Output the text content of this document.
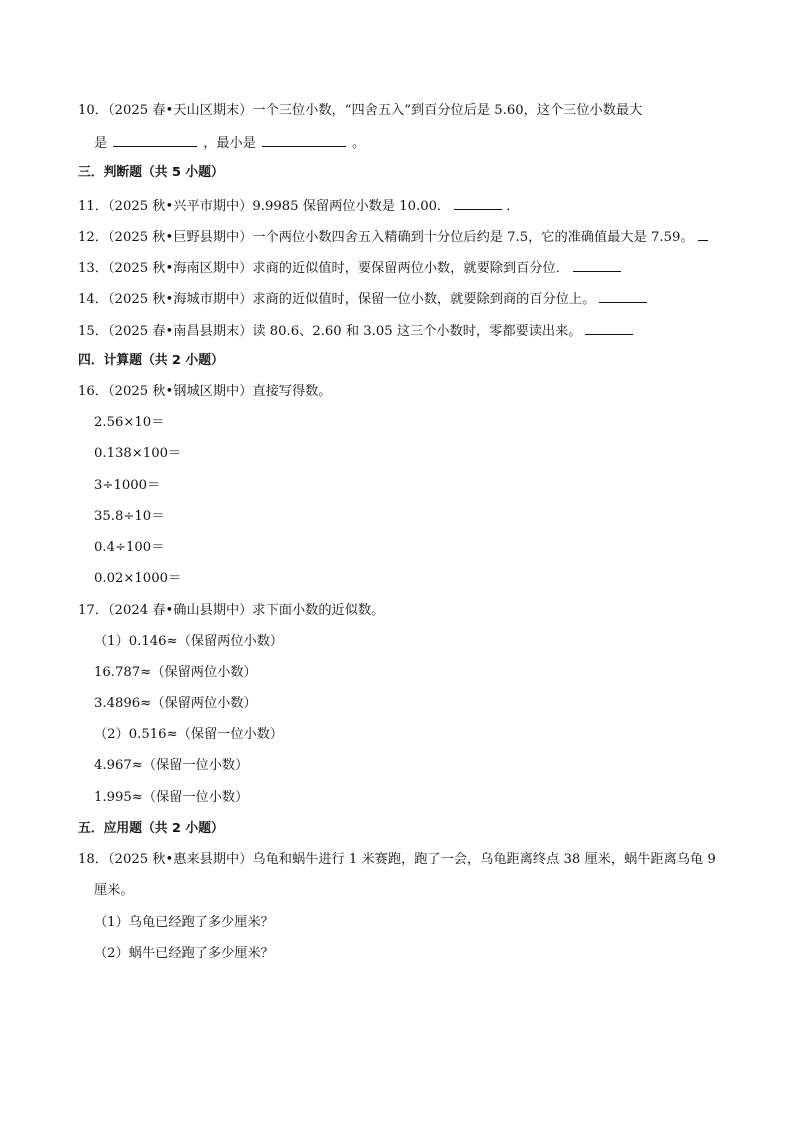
10．（2025 春•天山区期末）一个三位小数，“四舍五入”到百分位后是 5.60，这个三位小数最大
是	，最小是	。
三．判断题（共 5 小题）
11．（2025 秋•兴平市期中）9.9985 保留两位小数是 10.00．	．
12．（2025 秋•巨野县期中）一个两位小数四舍五入精确到十分位后约是 7.5，它的准确值最大是 7.59。
13．（2025 秋•海南区期中）求商的近似值时，要保留两位小数，就要除到百分位．
14．（2025 秋•海城市期中）求商的近似值时，保留一位小数，就要除到商的百分位上。
15．（2025 春•南昌县期末）读 80.6、2.60 和 3.05 这三个小数时，零都要读出来。
四．计算题（共 2 小题）
16．（2025 秋•钢城区期中）直接写得数。
2.56×10＝
0.138×100＝
3÷1000＝
35.8÷10＝
0.4÷100＝
0.02×1000＝
17．（2024 春•确山县期中）求下面小数的近似数。
（1）0.146≈（保留两位小数）
16.787≈（保留两位小数）
3.4896≈（保留两位小数）
（2）0.516≈（保留一位小数）
4.967≈（保留一位小数）
1.995≈（保留一位小数）
五．应用题（共 2 小题）
18．（2025 秋•惠来县期中）乌龟和蜗牛进行 1 米赛跑，跑了一会，乌龟距离终点 38 厘米，蜗牛距离乌龟 9
厘米。
（1）乌龟已经跑了多少厘米？
（2）蜗牛已经跑了多少厘米？
